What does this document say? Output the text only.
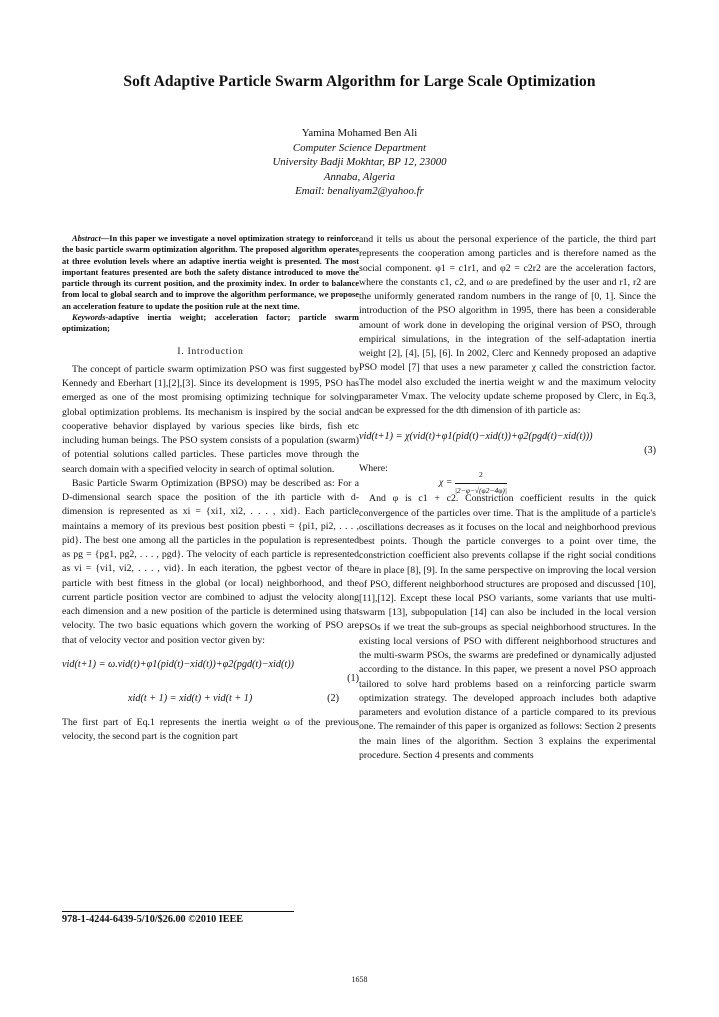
Soft Adaptive Particle Swarm Algorithm for Large Scale Optimization
Yamina Mohamed Ben Ali
Computer Science Department
University Badji Mokhtar, BP 12, 23000
Annaba, Algeria
Email: benaliyam2@yahoo.fr

Abstract—In this paper we investigate a novel optimization strategy to reinforce the basic particle swarm optimization algorithm. The proposed algorithm operates at three evolution levels where an adaptive inertia weight is presented. The most important features presented are both the safety distance introduced to move the particle through its current position, and the proximity index. In order to balance from local to global search and to improve the algorithm performance, we propose an acceleration feature to update the position rule at the next time.

Keywords-adaptive inertia weight; acceleration factor; particle swarm optimization;

I. Introduction

The concept of particle swarm optimization PSO was first suggested by Kennedy and Eberhart [1],[2],[3]. Since its development is 1995, PSO has emerged as one of the most promising optimizing technique for solving global optimization problems. Its mechanism is inspired by the social and cooperative behavior displayed by various species like birds, fish etc including human beings. The PSO system consists of a population (swarm) of potential solutions called particles. These particles move through the search domain with a specified velocity in search of optimal solution.

Basic Particle Swarm Optimization (BPSO) may be described as: For a D-dimensional search space the position of the ith particle with d-dimension is represented as xi = {xi1, xi2, . . . , xid}. Each particle maintains a memory of its previous best position pbesti = {pi1, pi2, . . . , pid}. The best one among all the particles in the population is represented as pg = {pg1, pg2, . . . , pgd}. The velocity of each particle is represented as vi = {vi1, vi2, . . . , vid}. In each iteration, the pgbest vector of the particle with best fitness in the global (or local) neighborhood, and the current particle position vector are combined to adjust the velocity along each dimension and a new position of the particle is determined using that velocity. The two basic equations which govern the working of PSO are that of velocity vector and position vector given by:

vid(t+1) = ω.vid(t)+φ1(pid(t)−xid(t))+φ2(pgd(t)−xid(t))
(1)
xid(t + 1) = xid(t) + vid(t + 1)	(2)

The first part of Eq.1 represents the inertia weight ω of the previous velocity, the second part is the cognition part

and it tells us about the personal experience of the particle, the third part represents the cooperation among particles and is therefore named as the social component. φ1 = c1r1, and φ2 = c2r2 are the acceleration factors, where the constants c1, c2, and ω are predefined by the user and r1, r2 are the uniformly generated random numbers in the range of [0, 1]. Since the introduction of the PSO algorithm in 1995, there has been a considerable amount of work done in developing the original version of PSO, through empirical simulations, in the integration of the self-adaptation inertia weight [2], [4], [5], [6]. In 2002, Clerc and Kennedy proposed an adaptive PSO model [7] that uses a new parameter χ called the constriction factor. The model also excluded the inertia weight w and the maximum velocity parameter Vmax. The velocity update scheme proposed by Clerc, in Eq.3, can be expressed for the dth dimension of ith particle as:

vid(t+1) = χ(vid(t)+φ1(pid(t)−xid(t))+φ2(pgd(t)−xid(t)))
(3)
Where:
$\chi = \frac{2}{|2-\varphi-√(\varphi 2-4\varphi)|}$

And φ is c1 + c2. Constriction coefficient results in the quick convergence of the particles over time. That is the amplitude of a particle's oscillations decreases as it focuses on the local and neighborhood previous best points. Though the particle converges to a point over time, the constriction coefficient also prevents collapse if the right social conditions are in place [8], [9]. In the same perspective on improving the local version of PSO, different neighborhood structures are proposed and discussed [10],[11],[12]. Except these local PSO variants, some variants that use multi-swarm [13], subpopulation [14] can also be included in the local version PSOs if we treat the sub-groups as special neighborhood structures. In the existing local versions of PSO with different neighborhood structures and the multi-swarm PSOs, the swarms are predefined or dynamically adjusted according to the distance. In this paper, we present a novel PSO approach tailored to solve hard problems based on a reinforcing particle swarm optimization strategy. The developed approach includes both adaptive parameters and evolution distance of a particle compared to its previous one. The remainder of this paper is organized as follows: Section 2 presents the main lines of the algorithm. Section 3 explains the experimental procedure. Section 4 presents and comments

978-1-4244-6439-5/10/$26.00 ©2010 IEEE
1658
